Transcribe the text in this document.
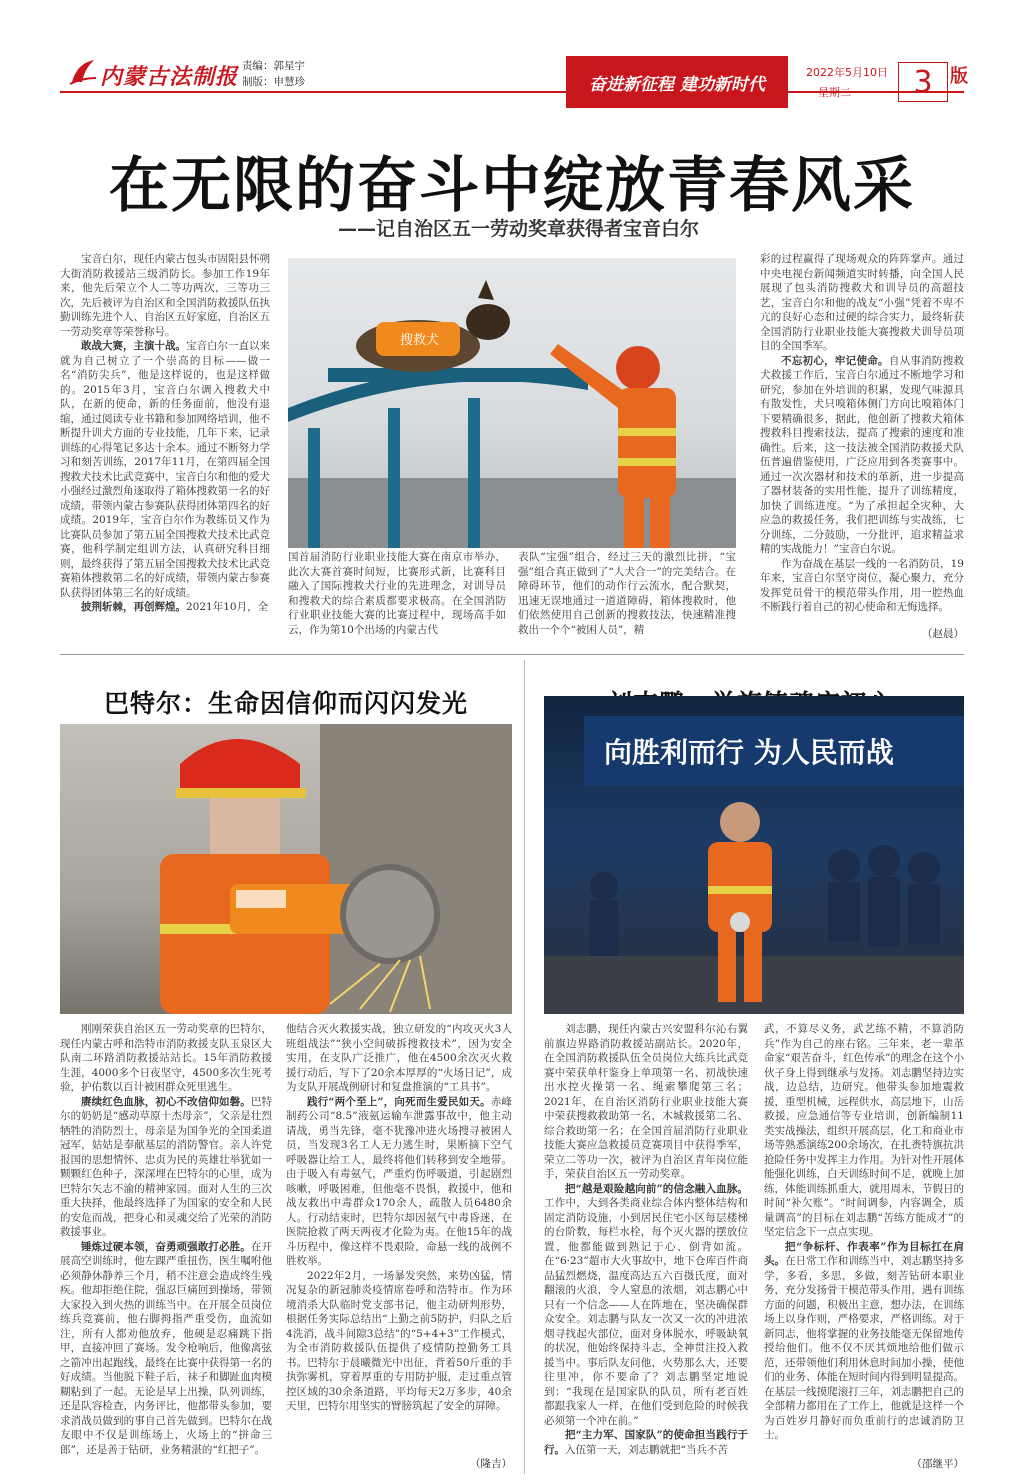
内蒙古法制报 责编：郭星宇
制版：申慧珍	奋进新征程 建功新时代
2022年5月10日
星期二 3 版
在无限的奋斗中绽放青春风采
——记自治区五一劳动奖章获得者宝音白尔

宝音白尔，现任内蒙古包头市固阳县怀朔大街消防救援站三级消防长。参加工作19年来，他先后荣立个人二等功两次，三等功三次，先后被评为自治区和全国消防救援队伍执勤训练先进个人、自治区五好家庭，自治区五一劳动奖章等荣誉称号。

敢战大赛，主演十战。宝音白尔一直以来就为自己树立了一个崇高的目标——做一名“消防尖兵”，他是这样说的，也是这样做的。2015年3月，宝音白尔调入搜救犬中队，在新的使命，新的任务面前，他没有退缩，通过阅读专业书籍和参加网络培训，他不断提升训犬方面的专业技能，几年下来，记录训练的心得笔记多达十余本。通过不断努力学习和刻苦训练，2017年11月，在第四届全国搜救犬技术比武竞赛中，宝音白尔和他的爱犬小强经过激烈角逐取得了箱体搜救第一名的好成绩，带领内蒙古参赛队获得团体第四名的好成绩。2019年，宝音白尔作为教练员又作为比赛队员参加了第五届全国搜救犬技术比武竞赛，他科学制定组训方法，认真研究科目细则，最终获得了第五届全国搜救犬技术比武竞赛箱体搜救第二名的好成绩，带领内蒙古参赛队获得团体第三名的好成绩。

披荆斩棘，再创辉煌。2021年10月，全

搜救犬

国首届消防行业职业技能大赛在南京市举办，此次大赛首赛时间短，比赛形式新，比赛科目融入了国际搜救犬行业的先进理念，对训导员和搜救犬的综合素质都要求极高。在全国消防行业职业技能大赛的比赛过程中，现场高手如云，作为第10个出场的内蒙古代

表队“宝强”组合，经过三天的激烈比拼，“宝强”组合真正做到了“人犬合一”的完美结合。在障碍环节，他们的动作行云流水，配合默契，迅速无误地通过一道道障碍，箱体搜救时，他们依然使用自己创新的搜救技法，快速精准搜救出一个个“被困人员”，精

彩的过程赢得了现场观众的阵阵掌声。通过中央电视台新闻频道实时转播，向全国人民展现了包头消防搜救犬和训导员的高超技艺，宝音白尔和他的战友“小强”凭着不卑不亢的良好心态和过硬的综合实力，最终斩获全国消防行业职业技能大赛搜救犬训导员项目的全国季军。

不忘初心，牢记使命。自从事消防搜救犬救援工作后，宝音白尔通过不断地学习和研究，参加在外培训的积累，发现气味源具有散发性，犬只嗅箱体侧门方向比嗅箱体门下要精确很多，据此，他创新了搜救犬箱体搜救科目搜索技法，提高了搜索的速度和准确性。后来，这一技法被全国消防救援犬队伍普遍借鉴使用，广泛应用到各类赛事中。通过一次次器材和技术的革新，进一步提高了器材装备的实用性能，提升了训练精度，加快了训练进度。“为了承担起全灾种，大应急的救援任务，我们把训练与实战练，七分训练，二分鼓励，一分批评，追求精益求精的实战能力！”宝音白尔说。

作为奋战在基层一线的一名消防员，19年来，宝音白尔坚守岗位，凝心聚力，充分发挥党员骨干的模范带头作用，用一腔热血不断践行着自己的初心使命和无悔选择。

（赵晨）
巴特尔：生命因信仰而闪闪发光

刚刚荣获自治区五一劳动奖章的巴特尔，现任内蒙古呼和浩特市消防救援支队玉泉区大队南二环路消防救援站站长。15年消防救援生涯，4000多个日夜坚守，4500多次生死考验，护佑数以百计被困群众死里逃生。

赓续红色血脉，初心不改信仰如磐。巴特尔的奶奶是“感动草原十杰母亲”，父亲是壮烈牺牲的消防烈士，母亲是为国争光的全国柔道冠军，姑姑是奉献基层的消防警官。亲人许党报国的思想情怀、忠贞为民的英雄壮举犹如一颗颗红色种子，深深埋在巴特尔的心里，成为巴特尔矢志不渝的精神家园。面对人生的三次重大抉择，他最终选择了为国家的安全和人民的安危而战，把身心和灵魂交给了光荣的消防救援事业。

锤炼过硬本领，奋勇顽强敢打必胜。在开展高空训练时，他左踝严重扭伤，医生嘱咐他必须静休静养三个月，稍不注意会造成终生残疾。他却拒绝住院，强忍巨痛回到操场，带领大家投入到火热的训练当中。在开展全员岗位练兵竞赛前，他右脚拇指严重受伤，血流如注，所有人都劝他放弃，他硬是忍痛跳下指甲，直接冲回了赛场。发令枪响后，他像离弦之箭冲出起跑线，最终在比赛中获得第一名的好成绩。当他脱下鞋子后，袜子和脚趾血肉模糊粘到了一起。无论是早上出操，队列训练，还是队容检查，内务评比，他都带头参加，要求消战员做到的事自己首先做到。巴特尔在战友眼中不仅是训练场上，火场上的“拼命三郎”，还是善于钻研，业务精湛的“红把子”。

他结合灭火救援实战，独立研发的“内攻灭火3人班组战法”“狭小空间破拆搜救技术”，因为安全实用，在支队广泛推广，他在4500余次灭火救援行动后，写下了20余本厚厚的“火场日记”，成为支队开展战例研讨和复盘推演的“工具书”。

践行“两个至上”，向死而生爱民如天。赤峰制药公司“8.5”液氨运输车泄露事故中，他主动请战，勇当先锋，毫不犹豫冲进火场搜寻被困人员，当发现3名工人无力逃生时，果断摘下空气呼吸器让给工人，最终将他们转移到安全地带。由于吸入有毒氨气，严重灼伤呼吸道，引起剧烈咳嗽，呼吸困难，但他毫不畏惧，救援中，他和战友救出中毒群众170余人，疏散人员6480余人。行动结束时，巴特尔却因氨气中毒昏迷，在医院抢救了两天两夜才化险为夷。在他15年的战斗历程中，像这样不畏艰险，命悬一线的战例不胜枚举。

2022年2月，一场暴发突然，来势凶猛，情况复杂的新冠肺炎疫情席卷呼和浩特市。作为环境消杀大队临时党支部书记，他主动研判形势，根据任务实际总结出“上勤之前5防护，归队之后4洗消，战斗间隙3总结”的“5+4+3”工作模式，为全市消防救援队伍提供了疫情防控勤务工具书。巴特尔于晨曦微光中出征，背着50斤重的手执弥雾机，穿着厚重的专用防护服，走过重点管控区域的30余条道路，平均每天2万多步，40余天里，巴特尔用坚实的臂膀筑起了安全的屏障。

（隆吉）
向胜利而行 为人民而战

刘志鹏，现任内蒙古兴安盟科尔沁右翼前旗边界路消防救援站副站长。2020年，在全国消防救援队伍全员岗位大练兵比武竞赛中荣获单杆鉴身上单项第一名、初战快速出水控火操第一名、绳索攀爬第三名；2021年，在自治区消防行业职业技能大赛中荣获搜救救助第一名，木城救援第二名、综合救助第一名；在全国首届消防行业职业技能大赛应急救援员竞赛项目中获得季军，荣立二等功一次，被评为自治区青年岗位能手，荣获自治区五一劳动奖章。

把“越是艰险越向前”的信念融入血脉。工作中，大到各类商业综合体内整体结构和固定消防设施，小到居民住宅小区每层楼梯的台阶数，每栏水栓，每个灭火器的摆放位置，他都能做到熟记于心、倒背如流。在“6·23”超市大火事故中，地下仓库百件商品猛烈燃烧，温度高达五六百摄氏度，面对翻滚的火浪，令人窒息的浓烟，刘志鹏心中只有一个信念——人在阵地在，坚决确保群众安全。刘志鹏与队友一次又一次的冲进浓烟寻找起火部位，面对身体脱水，呼吸缺氧的状况，他始终保持斗志，全神贯注投入救援当中。事后队友问他，火势那么大，还要往里冲，你不要命了？刘志鹏坚定地说到：“我现在是国家队的队员，所有老百姓都跟我家人一样，在他们受到危险的时候我必须第一个冲在前。”

把“主力军、国家队”的使命担当践行于行。入伍第一天，刘志鹏就把“当兵不苦

武，不算尽义务，武艺练不精，不算消防兵”作为自己的座右铭。三年来，老一辈革命家“艰苦奋斗，红色传承”的理念在这个小伙子身上得到继承与发扬。刘志鹏坚持边实战，边总结，边研究。他带头参加地震救援，重型机械，远程供水，高层地下，山岳救援，应急通信等专业培训，创新编制11类实战操法，组织开展高层，化工和商业市场等熟悉演练200余场次，在扎赉特旗抗洪抢险任务中发挥主力作用。为针对性开展体能强化训练，白天训练时间不足，就晚上加练，体能训练抓重大，就用周末，节假日的时间“补欠账”。“时间调参，内容调全，质量调高”的目标在刘志鹏“苦练方能成才”的坚定信念下一点点实现。

把“争标杆、作表率”作为目标扛在肩头。在日常工作和训练当中，刘志鹏坚持多学，多看，多思，多做，刻苦钻研本职业务，充分发扬骨干模范带头作用，遇有训练方面的问题，积极出主意，想办法，在训练场上以身作则，严格要求，严格训练。对于新同志，他将掌握的业务技能毫无保留地传授给他们。他不仅不厌其烦地给他们做示范，还带领他们利用休息时间加小操，使他们的业务、体能在短时间内得到明显提高。在基层一线摸爬滚打三年，刘志鹏把自己的全部精力都用在了工作上，他就是这样一个为百姓岁月静好而负重前行的忠诚消防卫士。

（邵继平）
